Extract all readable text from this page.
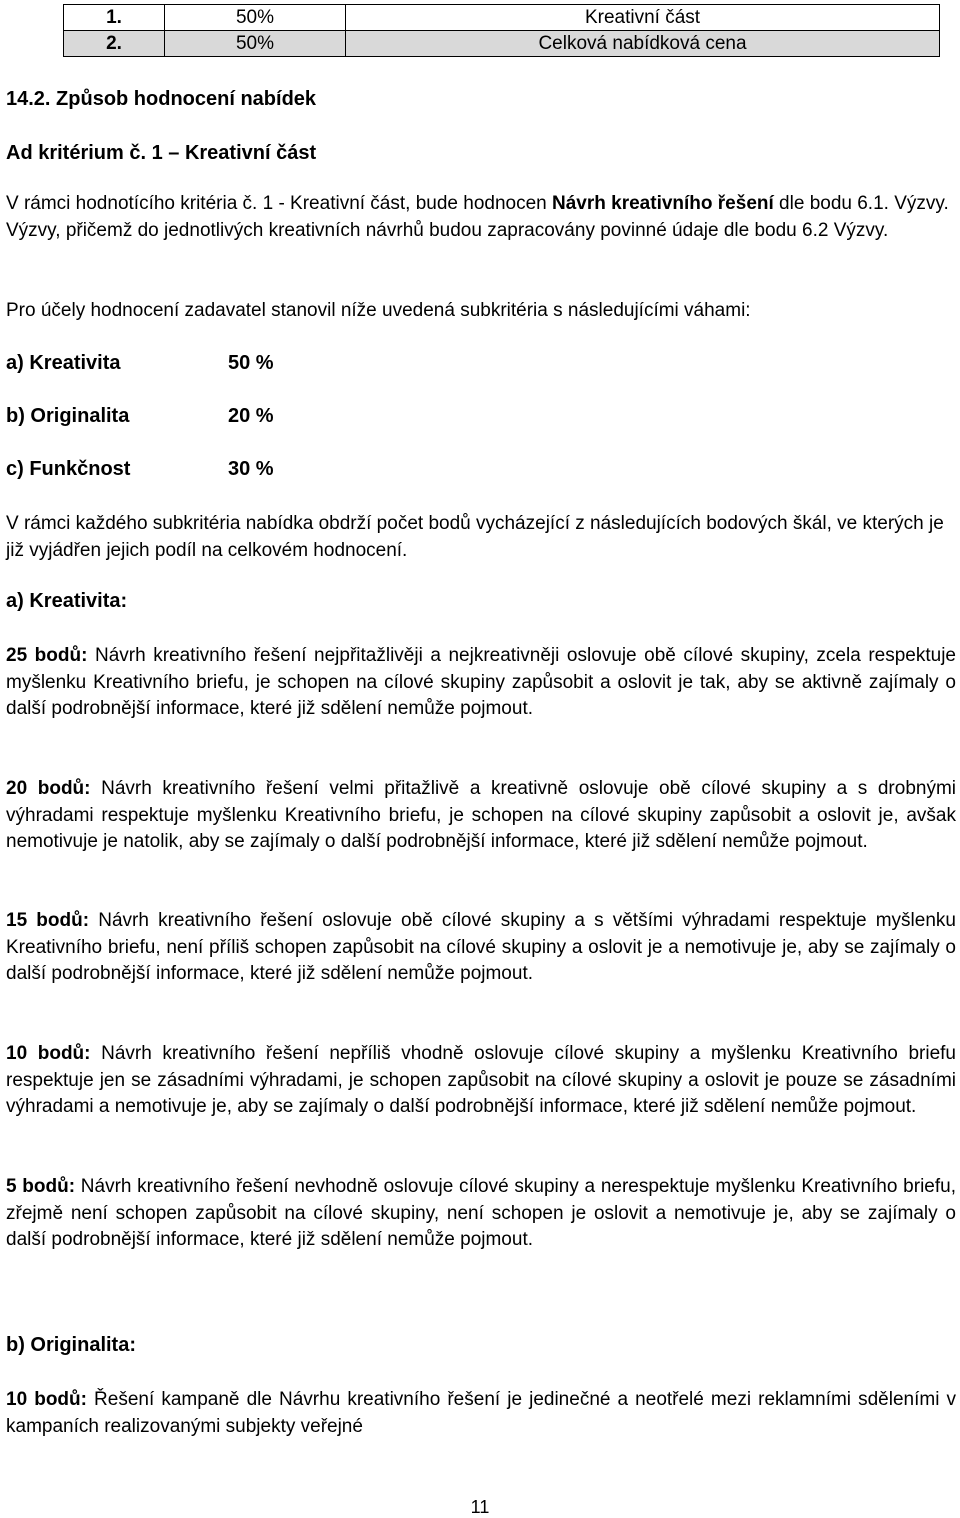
1.	50%	Kreativní část
2.	50%	Celková nabídková cena
14.2. Způsob hodnocení nabídek
Ad kritérium č. 1 – Kreativní část
V rámci hodnotícího kritéria č. 1 - Kreativní část, bude hodnocen Návrh kreativního řešení dle bodu 6.1. Výzvy. Výzvy, přičemž do jednotlivých kreativních návrhů budou zapracovány povinné údaje dle bodu 6.2 Výzvy.
Pro účely hodnocení zadavatel stanovil níže uvedená subkritéria s následujícími váhami:
a) Kreativita	50 %
b) Originalita	20 %
c) Funkčnost	30 %
V rámci každého subkritéria nabídka obdrží počet bodů vycházející z následujících bodových škál, ve kterých je již vyjádřen jejich podíl na celkovém hodnocení.
a) Kreativita:
25 bodů: Návrh kreativního řešení nejpřitažlivěji a nejkreativněji oslovuje obě cílové skupiny, zcela respektuje myšlenku Kreativního briefu, je schopen na cílové skupiny zapůsobit a oslovit je tak, aby se aktivně zajímaly o další podrobnější informace, které již sdělení nemůže pojmout.
20 bodů: Návrh kreativního řešení velmi přitažlivě a kreativně oslovuje obě cílové skupiny a s drobnými výhradami respektuje myšlenku Kreativního briefu, je schopen na cílové skupiny zapůsobit a oslovit je, avšak nemotivuje je natolik, aby se zajímaly o další podrobnější informace, které již sdělení nemůže pojmout.
15 bodů: Návrh kreativního řešení oslovuje obě cílové skupiny a s většími výhradami respektuje myšlenku Kreativního briefu, není příliš schopen zapůsobit na cílové skupiny a oslovit je a nemotivuje je, aby se zajímaly o další podrobnější informace, které již sdělení nemůže pojmout.
10 bodů: Návrh kreativního řešení nepříliš vhodně oslovuje cílové skupiny a myšlenku Kreativního briefu respektuje jen se zásadními výhradami, je schopen zapůsobit na cílové skupiny a oslovit je pouze se zásadními výhradami a nemotivuje je, aby se zajímaly o další podrobnější informace, které již sdělení nemůže pojmout.
5 bodů: Návrh kreativního řešení nevhodně oslovuje cílové skupiny a nerespektuje myšlenku Kreativního briefu, zřejmě není schopen zapůsobit na cílové skupiny, není schopen je oslovit a nemotivuje je, aby se zajímaly o další podrobnější informace, které již sdělení nemůže pojmout.
b) Originalita:
10 bodů: Řešení kampaně dle Návrhu kreativního řešení je jedinečné a neotřelé mezi reklamními sděleními v kampaních realizovanými subjekty veřejné
11
